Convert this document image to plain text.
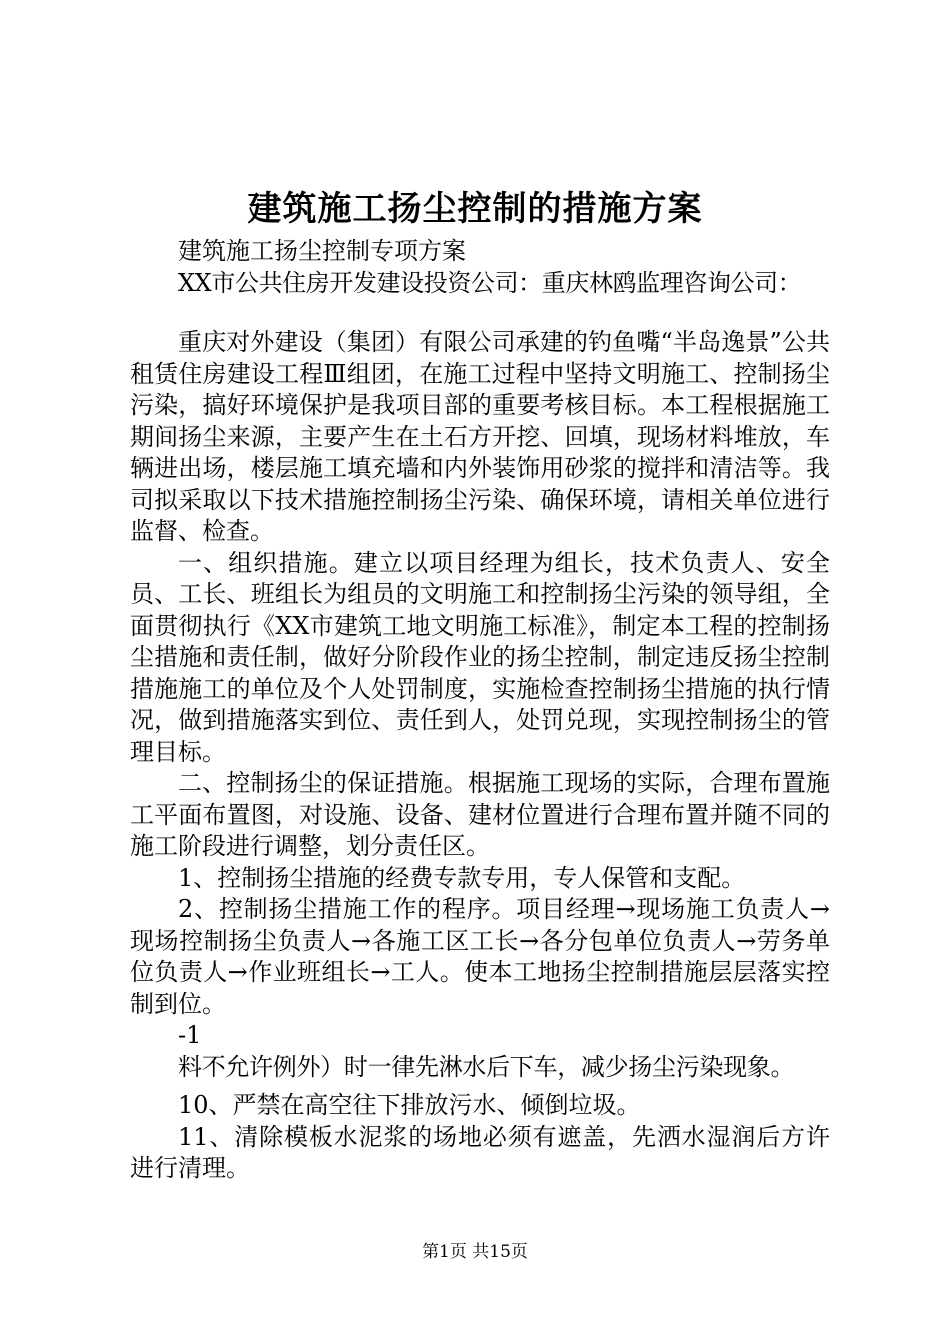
建筑施工扬尘控制的措施方案
建筑施工扬尘控制专项方案
XX市公共住房开发建设投资公司：重庆林鸥监理咨询公司：
重庆对外建设（集团）有限公司承建的钓鱼嘴“半岛逸景”公共租赁住房建设工程Ⅲ组团，在施工过程中坚持文明施工、控制扬尘污染，搞好环境保护是我项目部的重要考核目标。本工程根据施工期间扬尘来源，主要产生在土石方开挖、回填，现场材料堆放，车辆进出场，楼层施工填充墙和内外装饰用砂浆的搅拌和清洁等。我司拟采取以下技术措施控制扬尘污染、确保环境，请相关单位进行监督、检查。
一、组织措施。建立以项目经理为组长，技术负责人、安全员、工长、班组长为组员的文明施工和控制扬尘污染的领导组，全面贯彻执行《XX市建筑工地文明施工标准》，制定本工程的控制扬尘措施和责任制，做好分阶段作业的扬尘控制，制定违反扬尘控制措施施工的单位及个人处罚制度，实施检查控制扬尘措施的执行情况，做到措施落实到位、责任到人，处罚兑现，实现控制扬尘的管理目标。
二、控制扬尘的保证措施。根据施工现场的实际，合理布置施工平面布置图，对设施、设备、建材位置进行合理布置并随不同的施工阶段进行调整，划分责任区。
1、控制扬尘措施的经费专款专用，专人保管和支配。
2、控制扬尘措施工作的程序。项目经理→现场施工负责人→现场控制扬尘负责人→各施工区工长→各分包单位负责人→劳务单位负责人→作业班组长→工人。使本工地扬尘控制措施层层落实控制到位。
-1
料不允许例外）时一律先淋水后下车，减少扬尘污染现象。
10、严禁在高空往下排放污水、倾倒垃圾。
11、清除模板水泥浆的场地必须有遮盖，先洒水湿润后方许进行清理。
第1页 共15页
